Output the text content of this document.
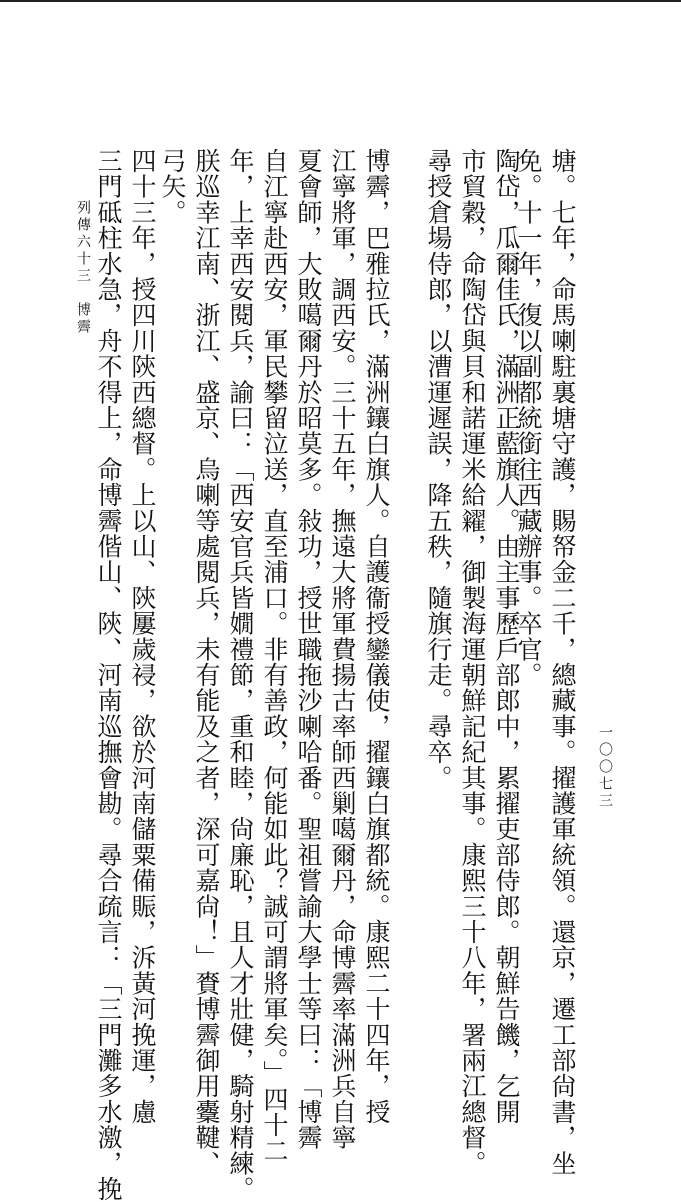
塘。七年，命馬喇駐裏塘守護，賜帑金二千，總藏事。擢護軍統領。還京，遷工部尙書，坐
免。十一年，復以副都統銜往西藏辦事。卒官。
陶岱，瓜爾佳氏，滿洲正藍旗人。由主事歷戶部郎中，累擢吏部侍郎。朝鮮告饑，乞開
市貿穀，命陶岱與貝和諾運米給糴，御製海運朝鮮記紀其事。康熙三十八年，署兩江總督。
尋授倉場侍郎，以漕運遲誤，降五秩，隨旗行走。尋卒。
博霽，巴雅拉氏，滿洲鑲白旗人。自護衞授鑾儀使，擢鑲白旗都統。康熙二十四年，授
江寧將軍，調西安。三十五年，撫遠大將軍費揚古率師西剿噶爾丹，命博霽率滿洲兵自寧
夏會師，大敗噶爾丹於昭莫多。敍功，授世職拖沙喇哈番。聖祖嘗諭大學士等曰：「博霽
自江寧赴西安，軍民攀留泣送，直至浦口。非有善政，何能如此？誠可謂將軍矣。」四十二
年，上幸西安閱兵，諭曰：「西安官兵皆嫺禮節，重和睦，尙廉恥，且人才壯健，騎射精練。
朕巡幸江南、浙江、盛京、烏喇等處閱兵，未有能及之者，深可嘉尙！」賚博霽御用櫜鞬、
弓矢。
四十三年，授四川陝西總督。上以山、陝屢歲祲，欲於河南儲粟備賑，泝黃河挽運，慮
三門砥柱水急，舟不得上，命博霽偕山、陝、河南巡撫會勘。尋合疏言：「三門灘多水激，挽
列傳六十三　博霽
一〇〇七三
